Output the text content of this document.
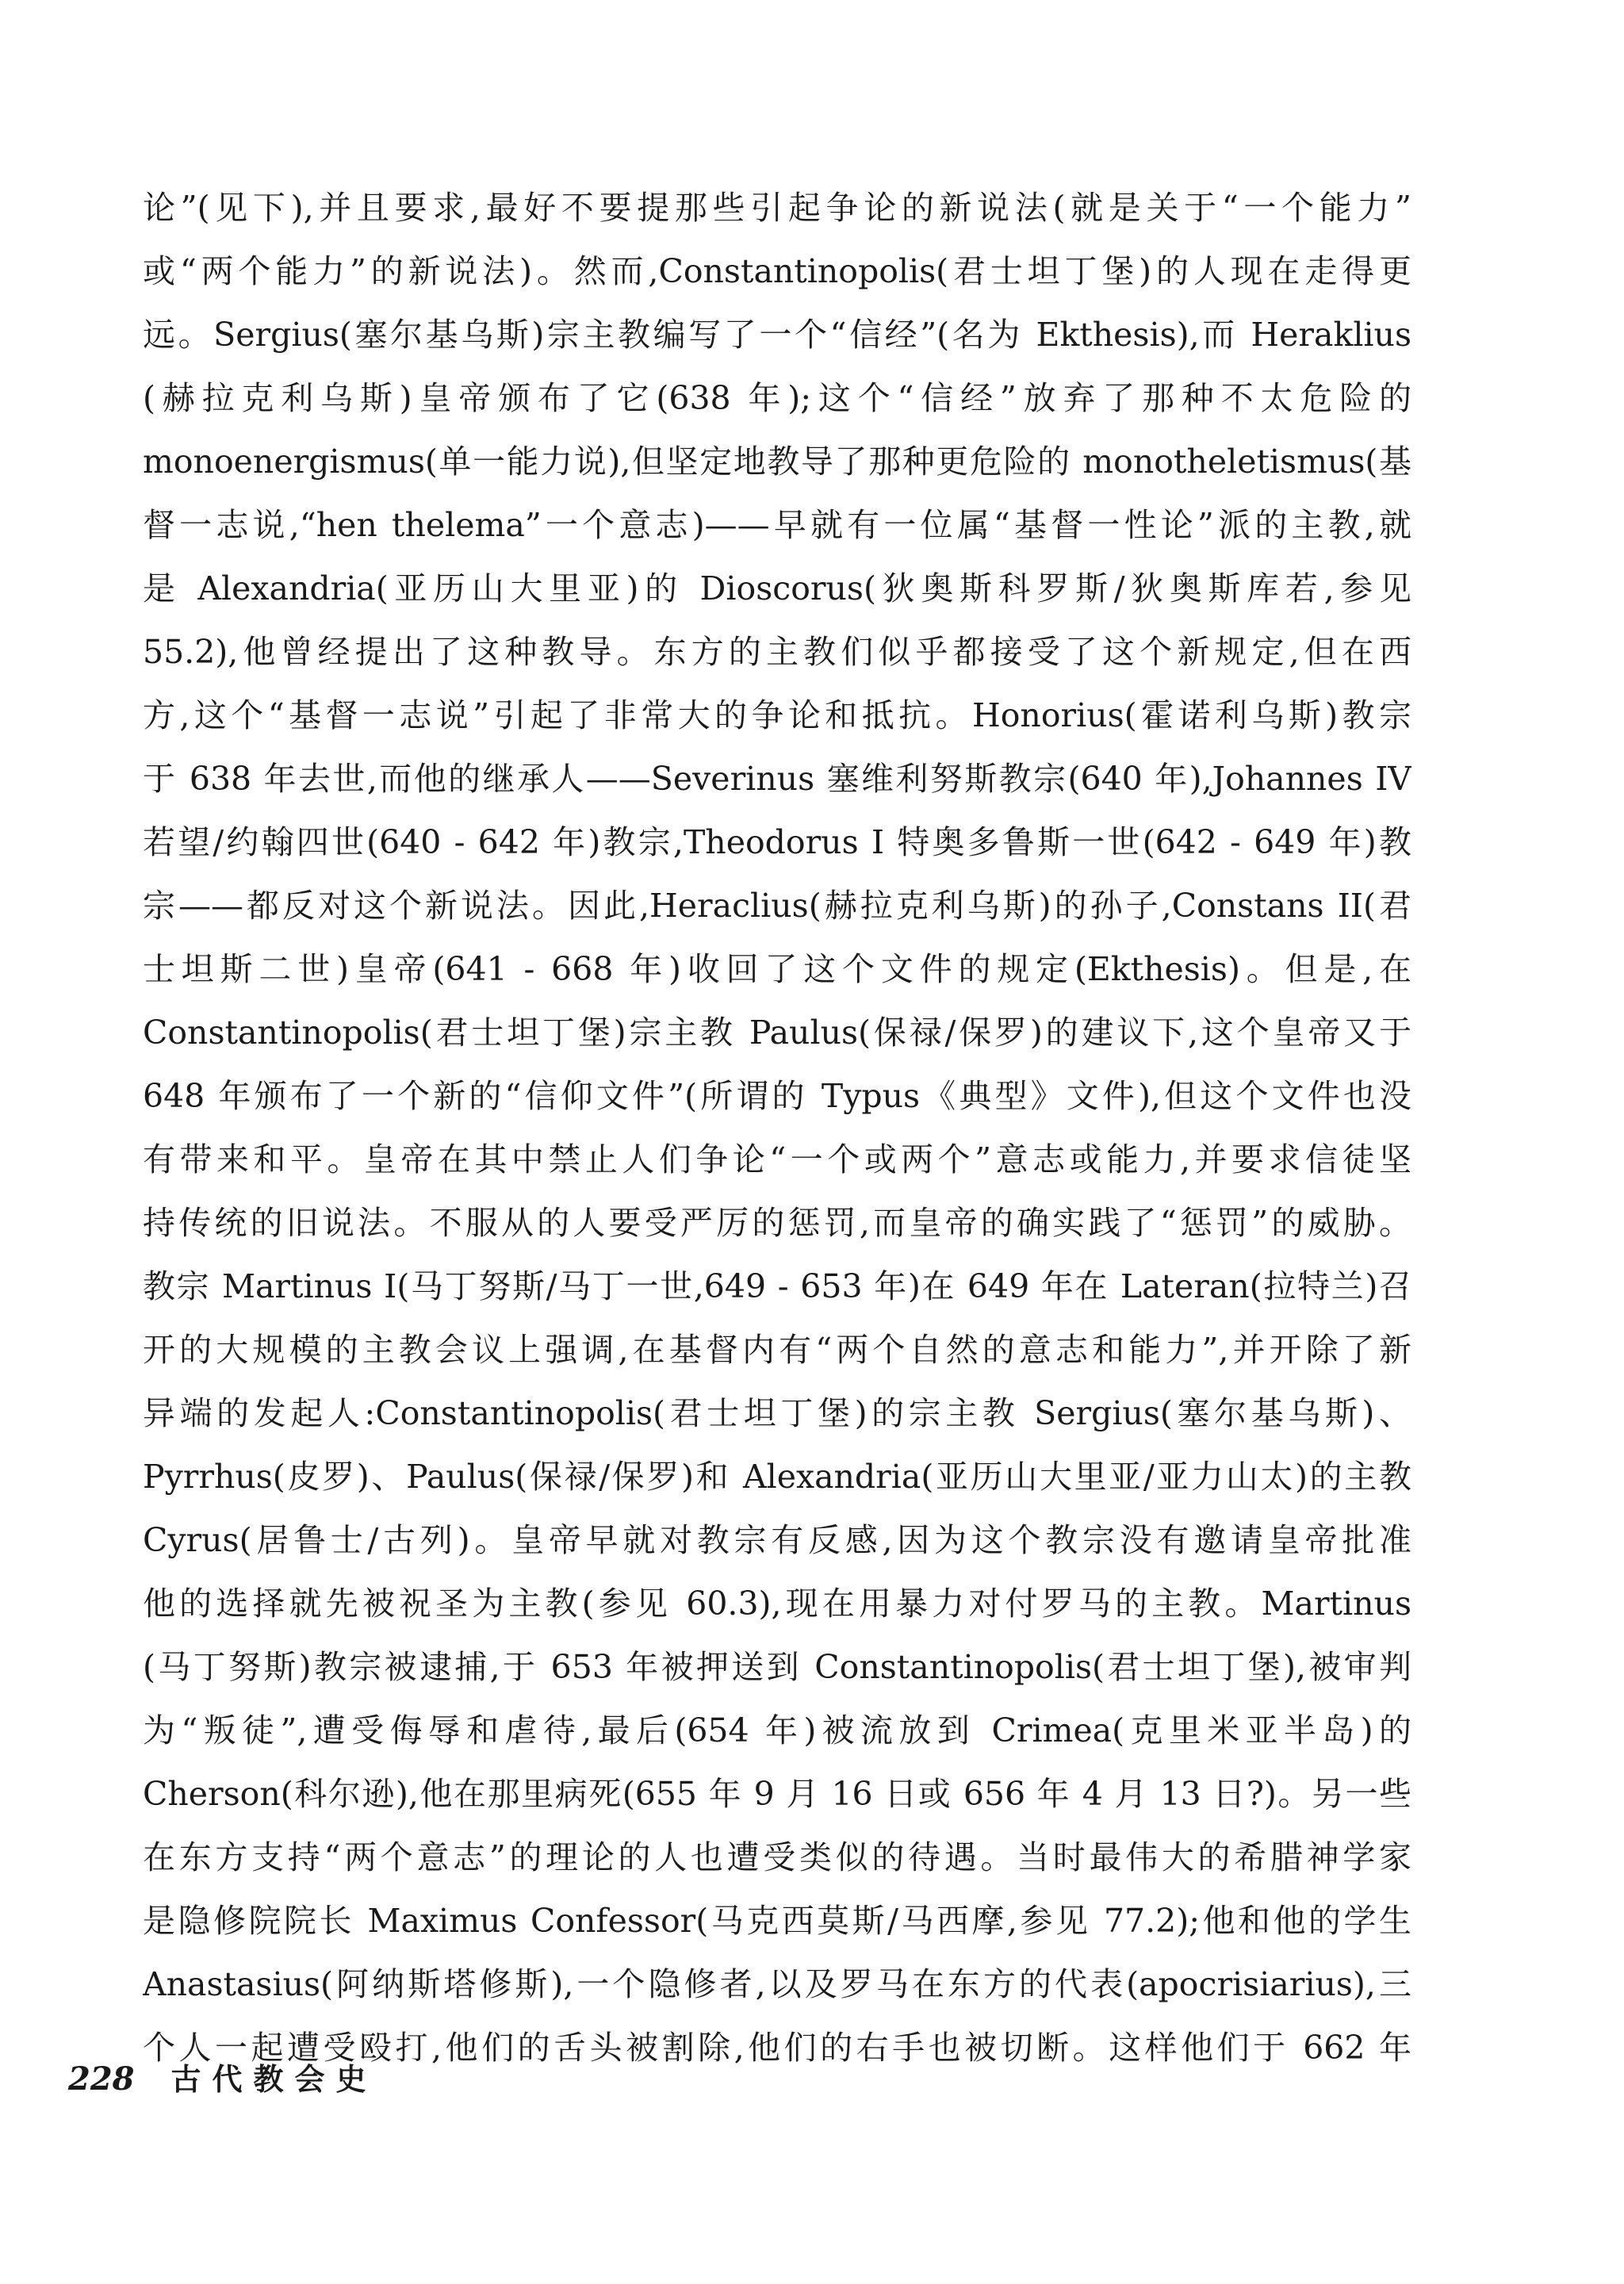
论”(见下),并且要求,最好不要提那些引起争论的新说法(就是关于“一个能力”
或“两个能力”的新说法)。然而,Constantinopolis(君士坦丁堡)的人现在走得更
远。Sergius(塞尔基乌斯)宗主教编写了一个“信经”(名为 Ekthesis),而 Heraklius
(赫拉克利乌斯)皇帝颁布了它(638 年);这个“信经”放弃了那种不太危险的
monoenergismus(单一能力说),但坚定地教导了那种更危险的 monotheletismus(基
督一志说,“hen thelema”一个意志)——早就有一位属“基督一性论”派的主教,就
是 Alexandria(亚历山大里亚)的 Dioscorus(狄奥斯科罗斯/狄奥斯库若,参见
55.2),他曾经提出了这种教导。东方的主教们似乎都接受了这个新规定,但在西
方,这个“基督一志说”引起了非常大的争论和抵抗。Honorius(霍诺利乌斯)教宗
于 638 年去世,而他的继承人——Severinus 塞维利努斯教宗(640 年),Johannes IV
若望/约翰四世(640 - 642 年)教宗,Theodorus I 特奥多鲁斯一世(642 - 649 年)教
宗——都反对这个新说法。因此,Heraclius(赫拉克利乌斯)的孙子,Constans II(君
士坦斯二世)皇帝(641 - 668 年)收回了这个文件的规定(Ekthesis)。但是,在
Constantinopolis(君士坦丁堡)宗主教 Paulus(保禄/保罗)的建议下,这个皇帝又于
648 年颁布了一个新的“信仰文件”(所谓的 Typus《典型》文件),但这个文件也没
有带来和平。皇帝在其中禁止人们争论“一个或两个”意志或能力,并要求信徒坚
持传统的旧说法。不服从的人要受严厉的惩罚,而皇帝的确实践了“惩罚”的威胁。
教宗 Martinus I(马丁努斯/马丁一世,649 - 653 年)在 649 年在 Lateran(拉特兰)召
开的大规模的主教会议上强调,在基督内有“两个自然的意志和能力”,并开除了新
异端的发起人:Constantinopolis(君士坦丁堡)的宗主教 Sergius(塞尔基乌斯)、
Pyrrhus(皮罗)、Paulus(保禄/保罗)和 Alexandria(亚历山大里亚/亚力山太)的主教
Cyrus(居鲁士/古列)。皇帝早就对教宗有反感,因为这个教宗没有邀请皇帝批准
他的选择就先被祝圣为主教(参见 60.3),现在用暴力对付罗马的主教。Martinus
(马丁努斯)教宗被逮捕,于 653 年被押送到 Constantinopolis(君士坦丁堡),被审判
为“叛徒”,遭受侮辱和虐待,最后(654 年)被流放到 Crimea(克里米亚半岛)的
Cherson(科尔逊),他在那里病死(655 年 9 月 16 日或 656 年 4 月 13 日?)。另一些
在东方支持“两个意志”的理论的人也遭受类似的待遇。当时最伟大的希腊神学家
是隐修院院长 Maximus Confessor(马克西莫斯/马西摩,参见 77.2);他和他的学生
Anastasius(阿纳斯塔修斯),一个隐修者,以及罗马在东方的代表(apocrisiarius),三
个人一起遭受殴打,他们的舌头被割除,他们的右手也被切断。这样他们于 662 年
228 古代教会史
